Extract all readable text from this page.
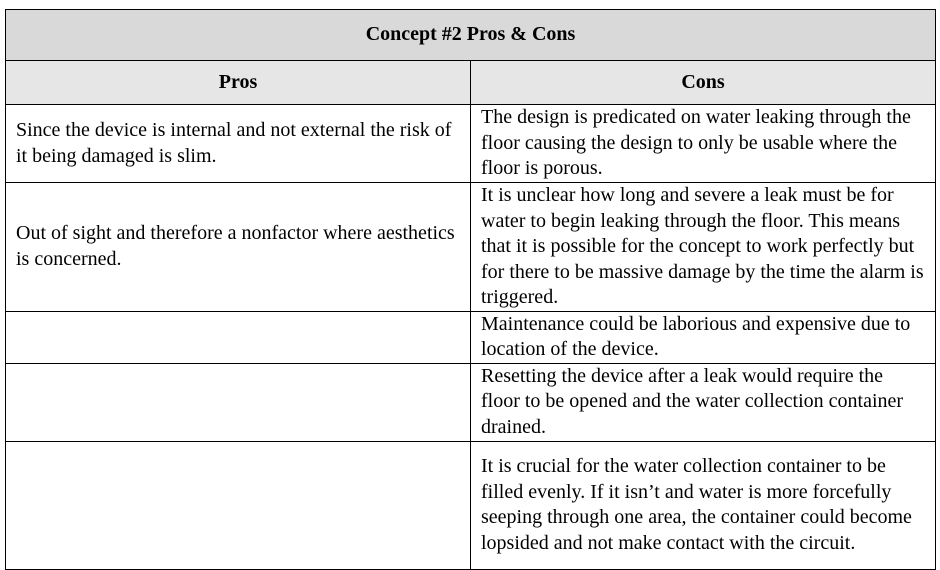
Concept #2 Pros & Cons	
Pros	Cons
Since the device is internal and not external the risk of it being damaged is slim.	The design is predicated on water leaking through the floor causing the design to only be usable where the floor is porous.
Out of sight and therefore a nonfactor where aesthetics is concerned.	It is unclear how long and severe a leak must be for water to begin leaking through the floor. This means that it is possible for the concept to work perfectly but for there to be massive damage by the time the alarm is triggered.
	Maintenance could be laborious and expensive due to location of the device.
	Resetting the device after a leak would require the floor to be opened and the water collection container drained.
	It is crucial for the water collection container to be filled evenly. If it isn’t and water is more forcefully seeping through one area, the container could become lopsided and not make contact with the circuit.
